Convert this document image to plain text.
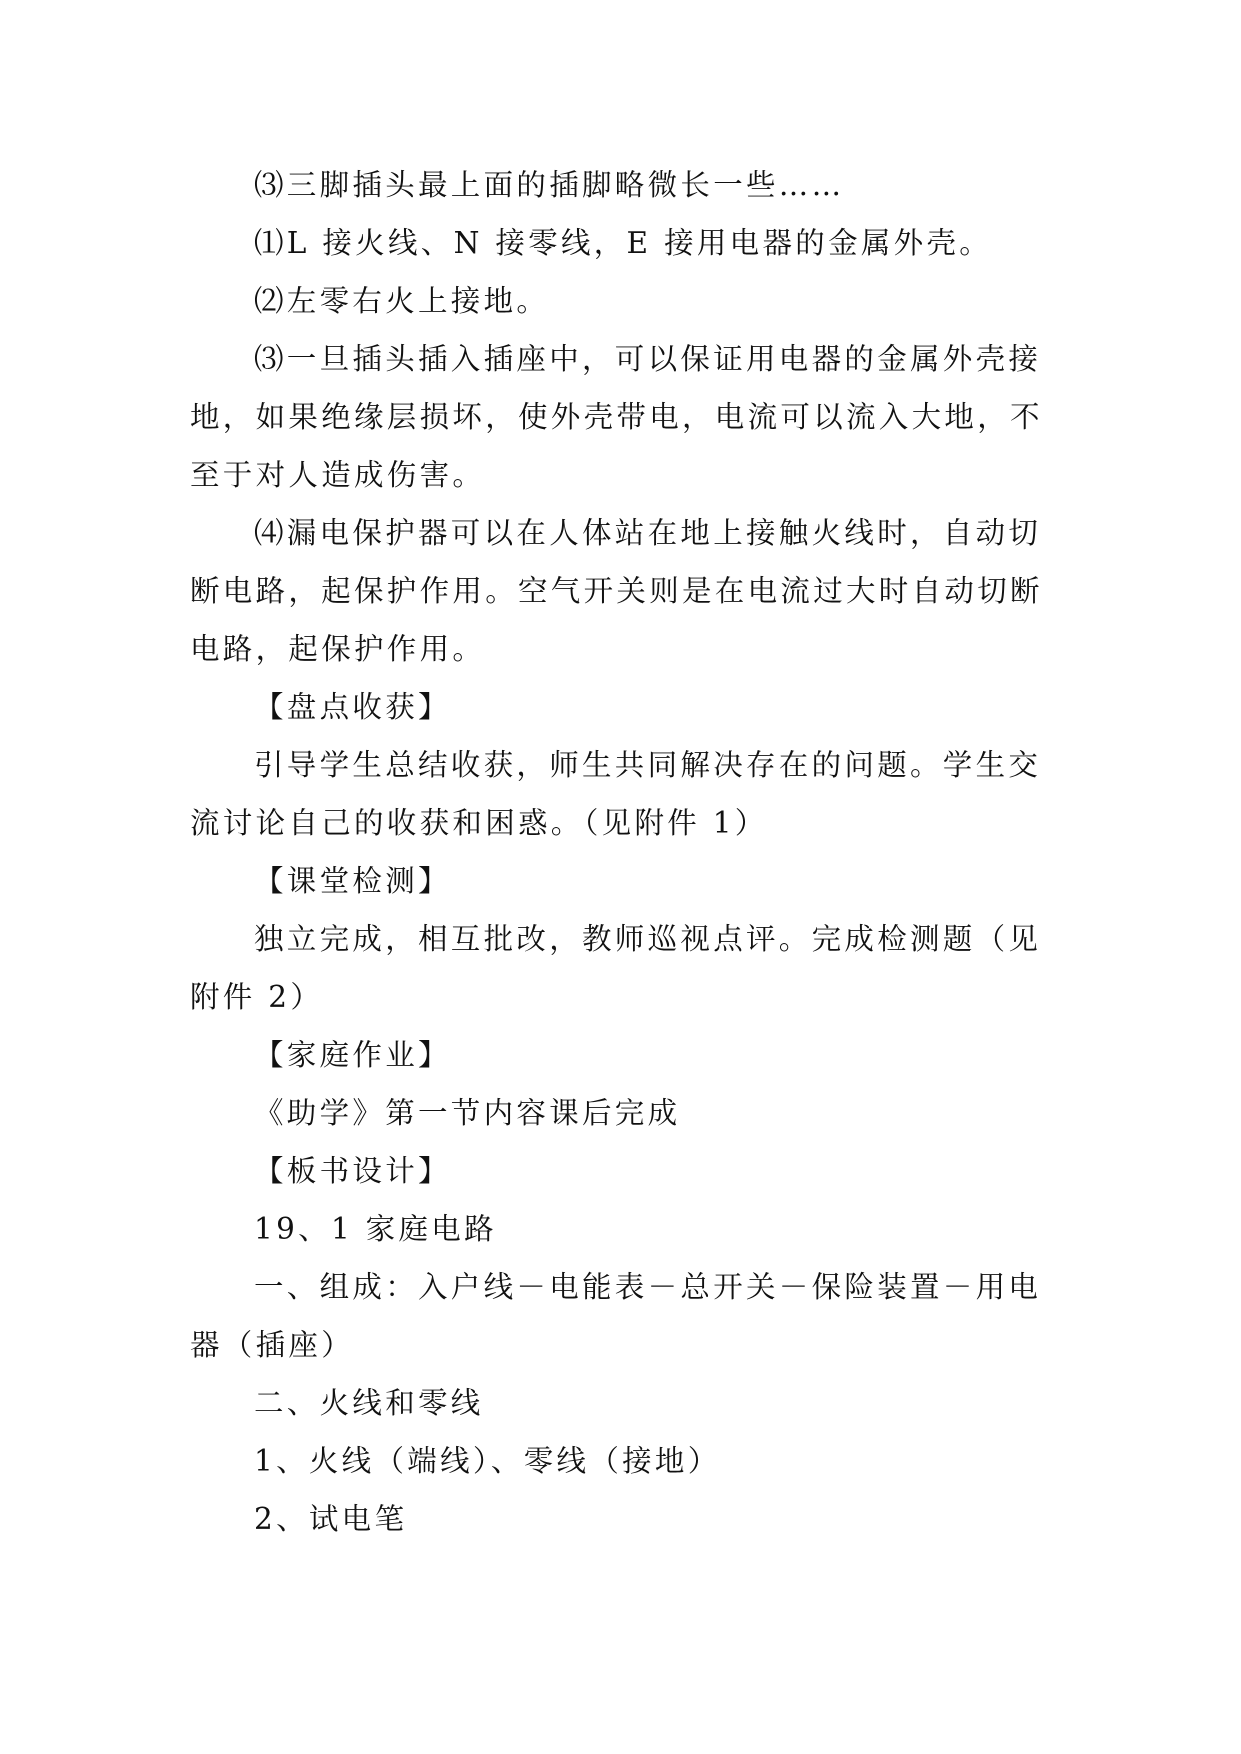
⑶三脚插头最上面的插脚略微长一些……

⑴L 接火线、N 接零线，E 接用电器的金属外壳。

⑵左零右火上接地。

⑶一旦插头插入插座中，可以保证用电器的金属外壳接地，如果绝缘层损坏，使外壳带电，电流可以流入大地，不至于对人造成伤害。

⑷漏电保护器可以在人体站在地上接触火线时，自动切断电路，起保护作用。空气开关则是在电流过大时自动切断电路，起保护作用。

【盘点收获】

引导学生总结收获，师生共同解决存在的问题。学生交流讨论自己的收获和困惑。（见附件 1）

【课堂检测】

独立完成，相互批改，教师巡视点评。完成检测题（见附件 2）

【家庭作业】

《助学》第一节内容课后完成

【板书设计】

19、1 家庭电路

一、组成：入户线－电能表－总开关－保险装置－用电器（插座）

二、火线和零线

1、火线（端线）、零线（接地）

2、试电笔
